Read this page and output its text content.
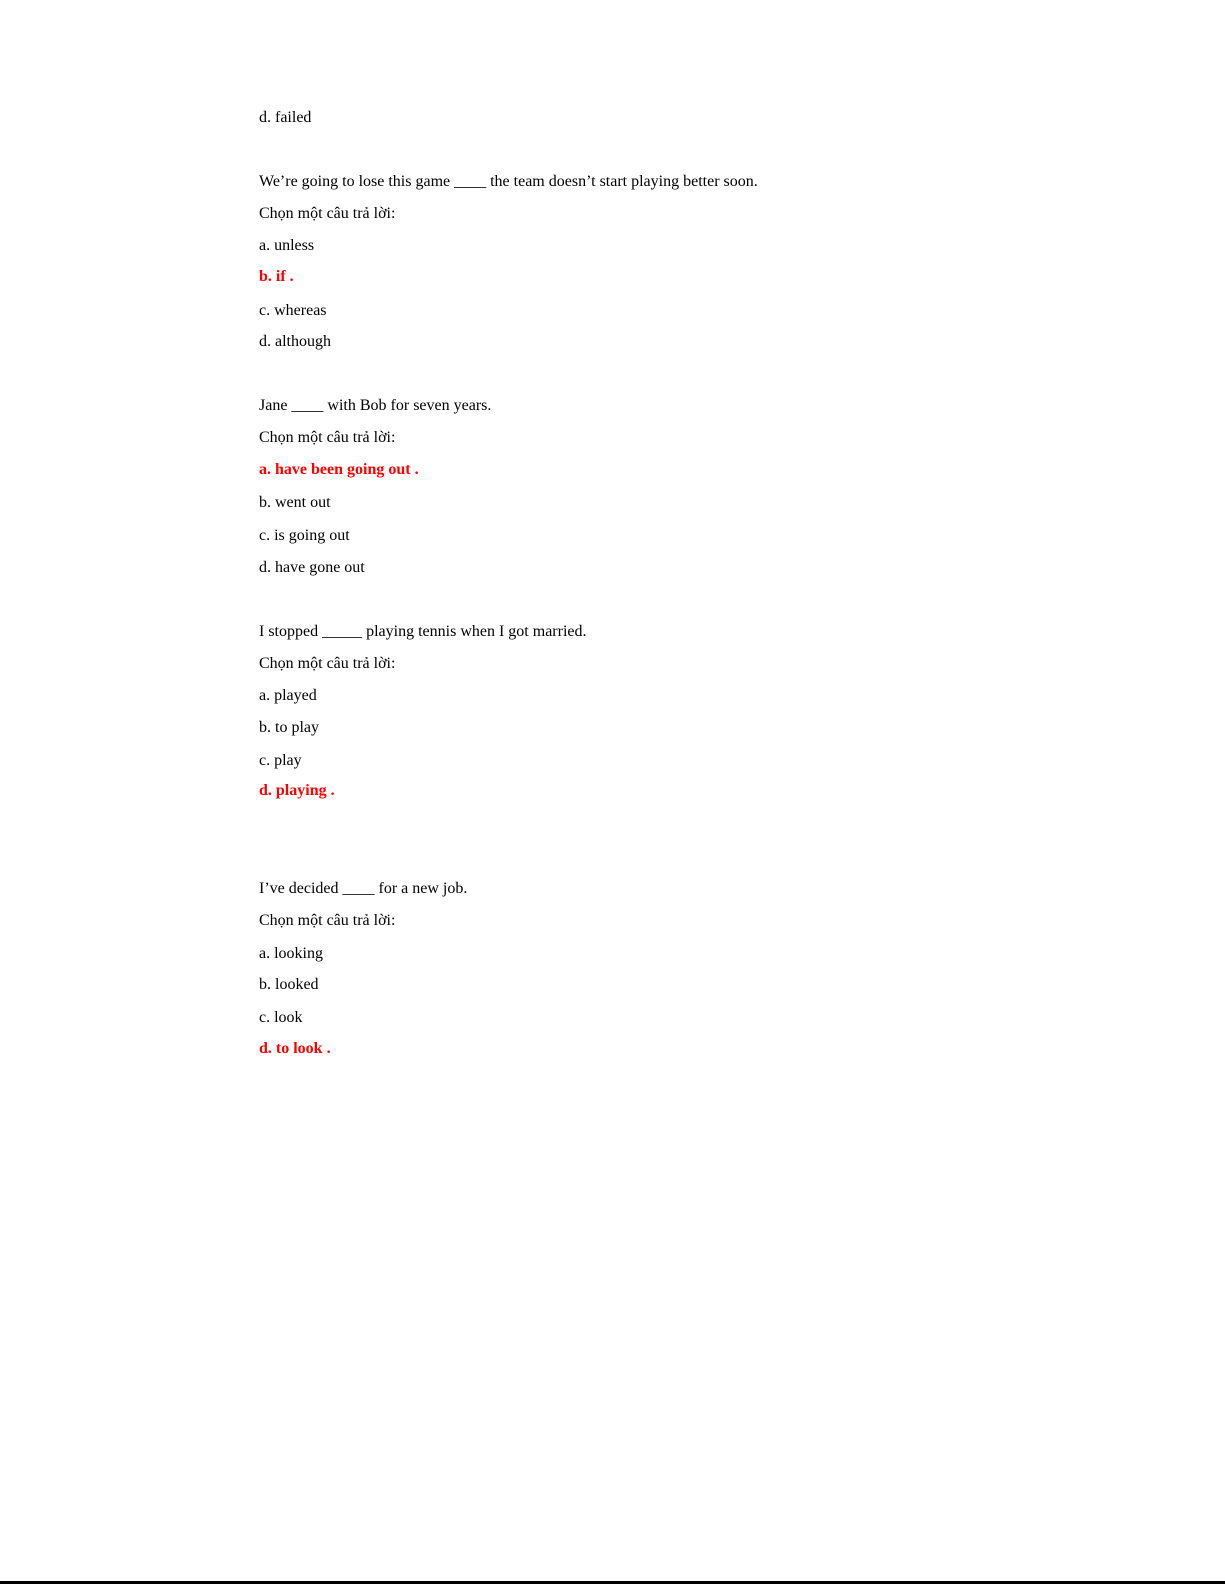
d. failed
We’re going to lose this game ____ the team doesn’t start playing better soon.
Chọn một câu trả lời:
a. unless
b. if .
c. whereas
d. although
Jane ____ with Bob for seven years.
Chọn một câu trả lời:
a. have been going out .
b. went out
c. is going out
d. have gone out
I stopped _____ playing tennis when I got married.
Chọn một câu trả lời:
a. played
b. to play
c. play
d. playing .
I’ve decided ____ for a new job.
Chọn một câu trả lời:
a. looking
b. looked
c. look
d. to look .
